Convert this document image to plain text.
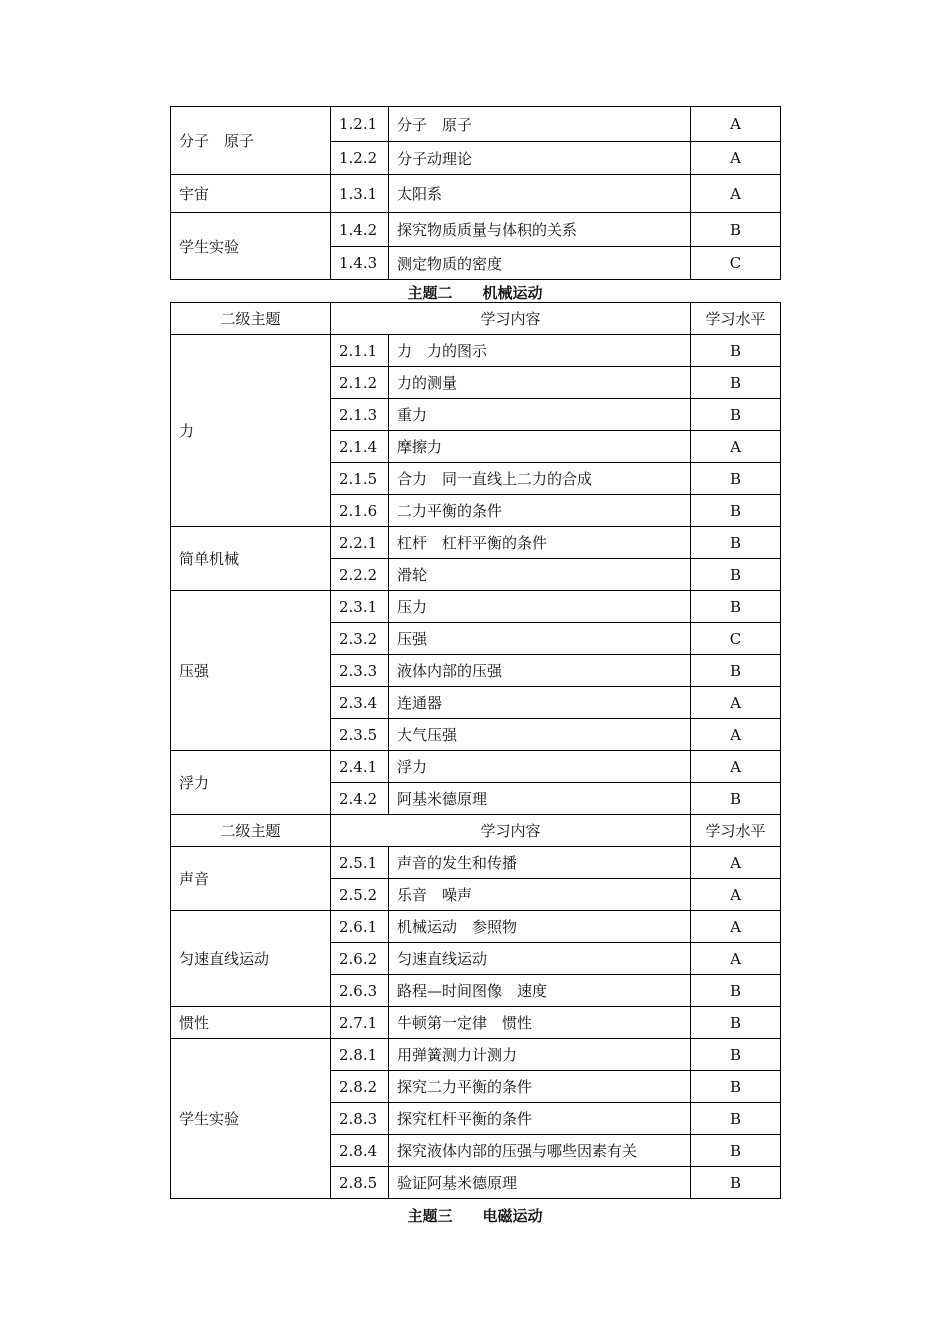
分子　原子	1.2.1	分子　原子	A
	1.2.2	分子动理论	A
宇宙	1.3.1	太阳系	A
学生实验	1.4.2	探究物质质量与体积的关系	B
	1.4.3	测定物质的密度	C
主题二　　机械运动
二级主题	学习内容		学习水平
力	2.1.1	力　力的图示	B
	2.1.2	力的测量	B
	2.1.3	重力	B
	2.1.4	摩擦力	A
	2.1.5	合力　同一直线上二力的合成	B
	2.1.6	二力平衡的条件	B
简单机械	2.2.1	杠杆　杠杆平衡的条件	B
	2.2.2	滑轮	B
压强	2.3.1	压力	B
	2.3.2	压强	C
	2.3.3	液体内部的压强	B
	2.3.4	连通器	A
	2.3.5	大气压强	A
浮力	2.4.1	浮力	A
	2.4.2	阿基米德原理	B
二级主题	学习内容		学习水平
声音	2.5.1	声音的发生和传播	A
	2.5.2	乐音　噪声	A
匀速直线运动	2.6.1	机械运动　参照物	A
	2.6.2	匀速直线运动	A
	2.6.3	路程—时间图像　速度	B
惯性	2.7.1	牛顿第一定律　惯性	B
学生实验	2.8.1	用弹簧测力计测力	B
	2.8.2	探究二力平衡的条件	B
	2.8.3	探究杠杆平衡的条件	B
	2.8.4	探究液体内部的压强与哪些因素有关	B
	2.8.5	验证阿基米德原理	B
主题三　　电磁运动
